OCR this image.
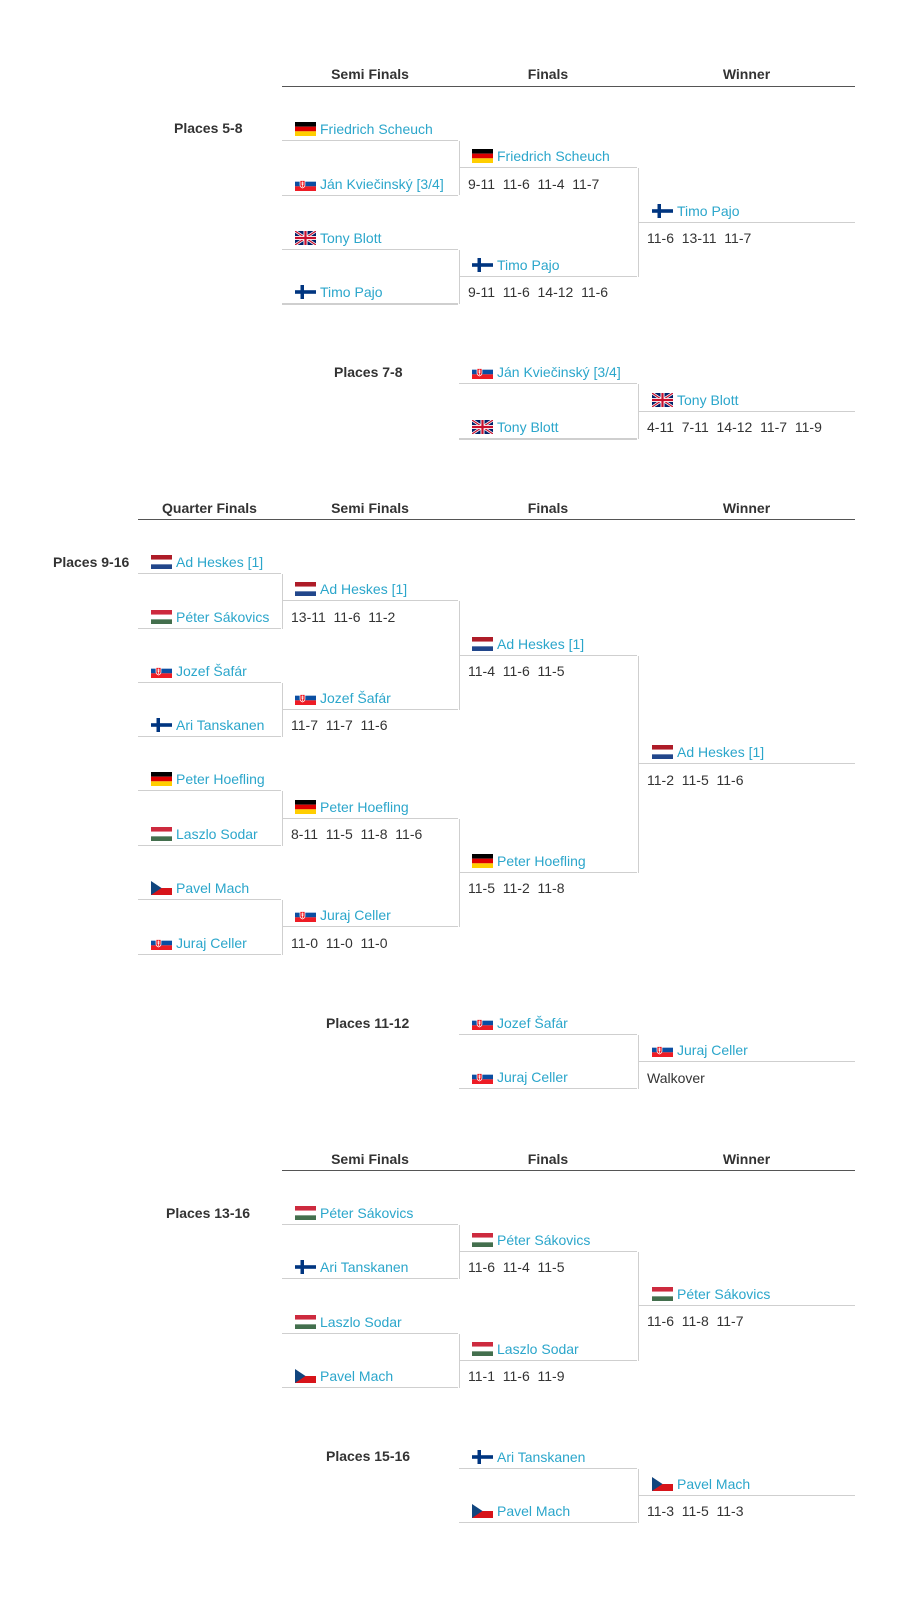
Semi Finals	Finals	Winner
Quarter Finals	Semi Finals	Finals	Winner
Semi Finals	Finals	Winner
Places 5-8
Places 7-8
Places 9-16
Places 11-12
Places 13-16
Places 15-16
Friedrich Scheuch
Ján Kviečinský [3/4]
Tony Blott
Timo Pajo
Friedrich Scheuch
Timo Pajo
Timo Pajo
Ján Kviečinský [3/4]
Tony Blott
Tony Blott
Ad Heskes [1]
Péter Sákovics
Jozef Šafár
Ari Tanskanen
Peter Hoefling
Laszlo Sodar
Pavel Mach
Juraj Celler
Ad Heskes [1]
Jozef Šafár
Peter Hoefling
Juraj Celler
Ad Heskes [1]
Peter Hoefling
Ad Heskes [1]
Jozef Šafár
Juraj Celler
Juraj Celler
Péter Sákovics
Ari Tanskanen
Laszlo Sodar
Pavel Mach
Péter Sákovics
Laszlo Sodar
Péter Sákovics
Ari Tanskanen
Pavel Mach
Pavel Mach
9-11  11-6  11-4  11-7
9-11  11-6  14-12  11-6
11-6  13-11  11-7
4-11  7-11  14-12  11-7  11-9
13-11  11-6  11-2
11-7  11-7  11-6
8-11  11-5  11-8  11-6
11-0  11-0  11-0
11-4  11-6  11-5
11-5  11-2  11-8
11-2  11-5  11-6
Walkover
11-6  11-4  11-5
11-1  11-6  11-9
11-6  11-8  11-7
11-3  11-5  11-3
